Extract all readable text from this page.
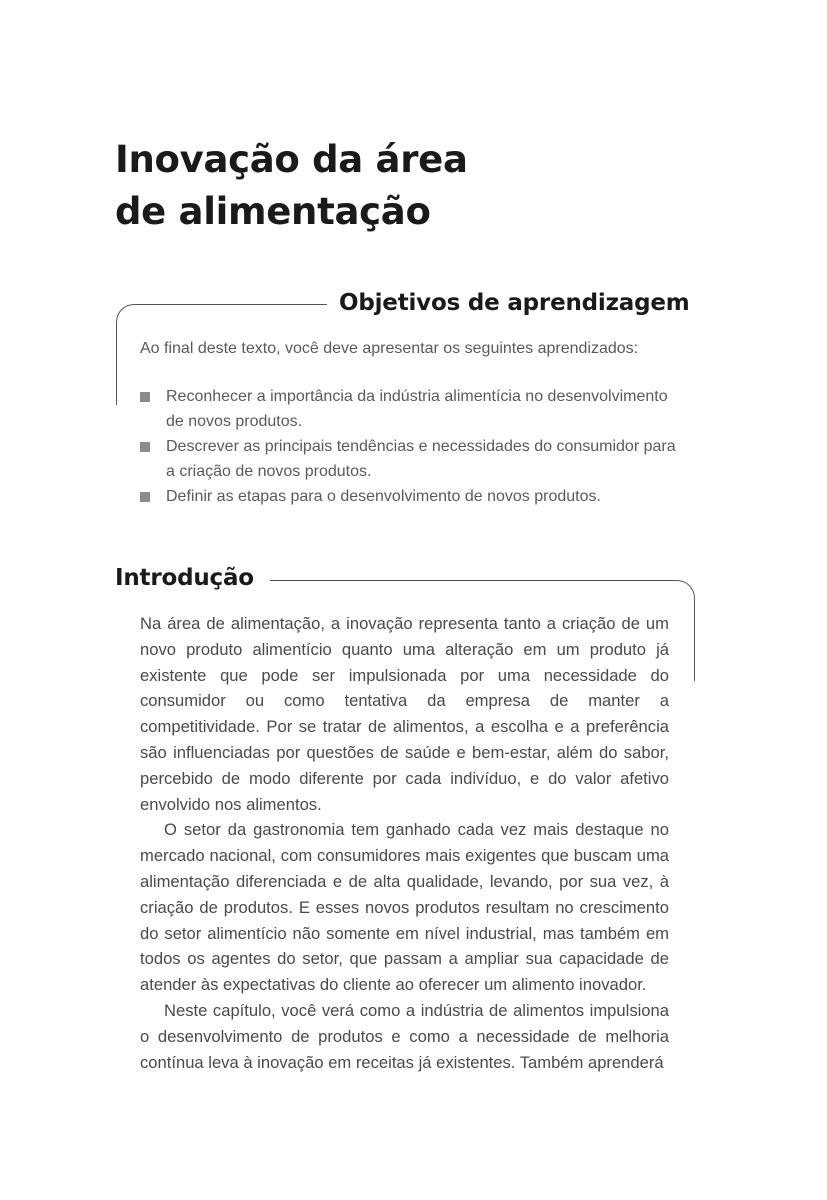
Inovação da área
de alimentação
Objetivos de aprendizagem

Ao final deste texto, você deve apresentar os seguintes aprendizados:

Reconhecer a importância da indústria alimentícia no desenvolvimento de novos produtos.
Descrever as principais tendências e necessidades do consumidor para a criação de novos produtos.
Definir as etapas para o desenvolvimento de novos produtos.
Introdução

Na área de alimentação, a inovação representa tanto a criação de um novo produto alimentício quanto uma alteração em um produto já existente que pode ser impulsionada por uma necessidade do consumidor ou como tentativa da empresa de manter a competitividade. Por se tratar de alimentos, a escolha e a preferência são influenciadas por questões de saúde e bem-estar, além do sabor, percebido de modo diferente por cada indivíduo, e do valor afetivo envolvido nos alimentos.

O setor da gastronomia tem ganhado cada vez mais destaque no mercado nacional, com consumidores mais exigentes que buscam uma alimentação diferenciada e de alta qualidade, levando, por sua vez, à criação de produtos. E esses novos produtos resultam no crescimento do setor alimentício não somente em nível industrial, mas também em todos os agentes do setor, que passam a ampliar sua capacidade de atender às expectativas do cliente ao oferecer um alimento inovador.

Neste capítulo, você verá como a indústria de alimentos impulsiona o desenvolvimento de produtos e como a necessidade de melhoria contínua leva à inovação em receitas já existentes. Também aprenderá
